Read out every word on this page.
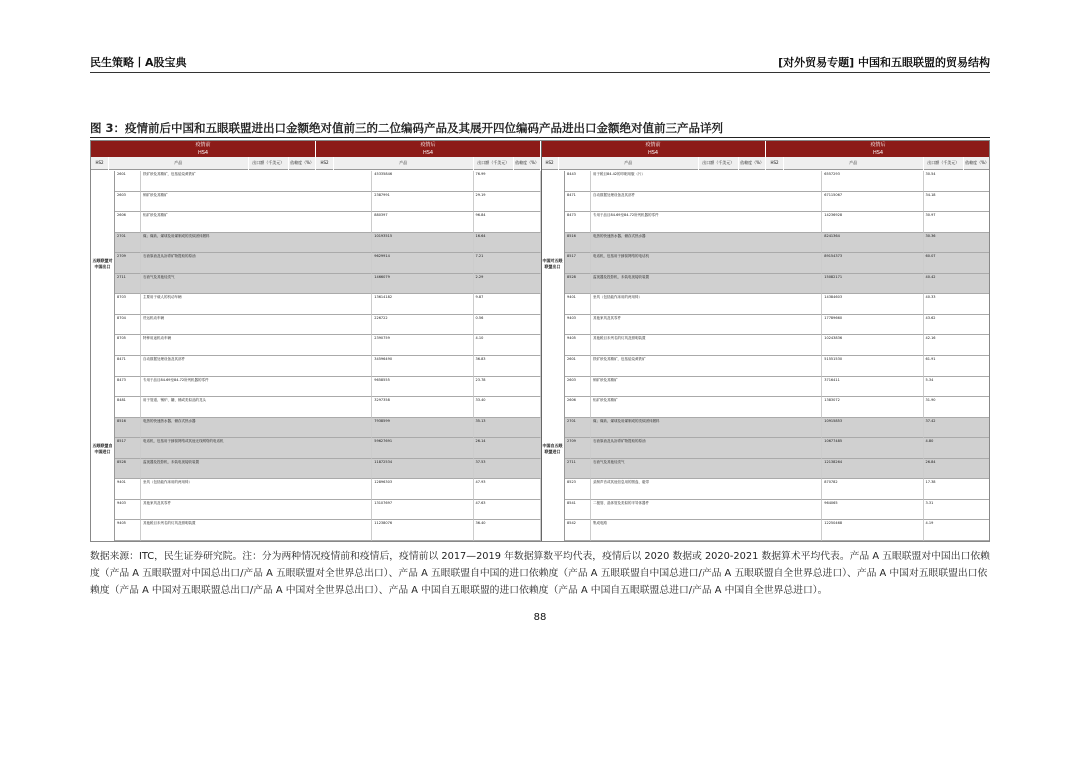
民生策略丨A股宝典	[对外贸易专题] 中国和五眼联盟的贸易结构
图 3：疫情前后中国和五眼联盟进出口金额绝对值前三的二位编码产品及其展开四位编码产品进出口金额绝对值前三产品详列
疫情前
HS4
疫情后
HS4
疫情前
HS4
疫情后
HS4
HS2	产品	出口额（千美元）	依赖度（%）	HS2	产品	出口额（千美元）	依赖度（%）	HS2	产品	出口额（千美元）	依赖度（%）	HS2	产品	出口额（千美元）	依赖度（%）
五眼联盟对中国出口
中国对五眼联盟出口
五眼联盟自中国进口
中国自五眼联盟进口
2601	铁矿砂及其精矿，包括焙烧黄铁矿	45335846	76.99
2603	铜矿砂及其精矿	2387991	29.19
2606	铝矿砂及其精矿	880397	96.84
2701	煤；煤砖、煤球及用煤制成的类似固体燃料	10193515	16.64
2709	石油原油及从沥青矿物提取的原油	9629914	7.21
2711	石油气及其他烃类气	1466079	2.29
8703	主要用于载人的机动车辆	13614182	9.87
8704	货运机动车辆	226722	0.56
8705	特种用途机动车辆	2390759	4.10
8471	自动数据处理设备及其部件	34596490	36.83
8473	专用于品目84.69至84.72所列机器的零件	9658555	23.78
8481	用于管道、锅炉、罐、桶或类似品的龙头	3297358	33.40
8516	电热的快速热水器、储存式热水器	7938599	35.13
8517	电话机，包括用于蜂窝网络或其他无线网络的电话机	59627691	26.14
8528	监视器及投影机，未装电视接收装置	11872534	37.53
9401	坐具（包括能作床用的两用椅）	12896303	47.93
9403	其他家具及其零件	13107697	47.63
9405	其他税目未列名的灯具及照明装置	11238076	36.40
8443	用于税目84.42的印刷用版（片）	6557293	30.54
8471	自动数据处理设备及其部件	67115067	34.18
8473	专用于品目84.69至84.72所列机器的零件	14236928	30.97
8516	电热的快速热水器、储存式热水器	8241364	30.36
8517	电话机，包括用于蜂窝网络的电话机	89154373	60.07
8528	监视器及投影机，未装电视接收装置	15082171	40.42
9401	坐具（包括能作床用的两用椅）	14384603	40.33
9403	其他家具及其零件	17789660	43.62
9405	其他税目未列名的灯具及照明装置	10243836	42.16
2601	铁矿砂及其精矿，包括焙烧黄铁矿	51551530	61.91
2603	铜矿砂及其精矿	3716411	5.34
2606	铝矿砂及其精矿	1383072	31.90
2701	煤；煤砖、煤球及用煤制成的类似固体燃料	10915853	37.42
2709	石油原油及从沥青矿物提取的原油	10677485	4.80
2711	石油气及其他烃类气	12138264	26.84
8523	录制声音或其他信息用的圆盘、磁带	870782	17.38
8541	二极管、晶体管及类似的半导体器件	964065	3.31
8542	集成电路	12250468	4.19
数据来源：ITC，民生证券研究院。注：分为两种情况疫情前和疫情后，疫情前以 2017—2019 年数据算数平均代表，疫情后以 2020 数据或 2020-2021 数据算术平均代表。产品 A 五眼联盟对中国出口依赖度（产品 A 五眼联盟对中国总出口/产品 A 五眼联盟对全世界总出口）、产品 A 五眼联盟自中国的进口依赖度（产品 A 五眼联盟自中国总进口/产品 A 五眼联盟自全世界总进口）、产品 A 中国对五眼联盟出口依赖度（产品 A 中国对五眼联盟总出口/产品 A 中国对全世界总出口）、产品 A 中国自五眼联盟的进口依赖度（产品 A 中国自五眼联盟总进口/产品 A 中国自全世界总进口）。
88
